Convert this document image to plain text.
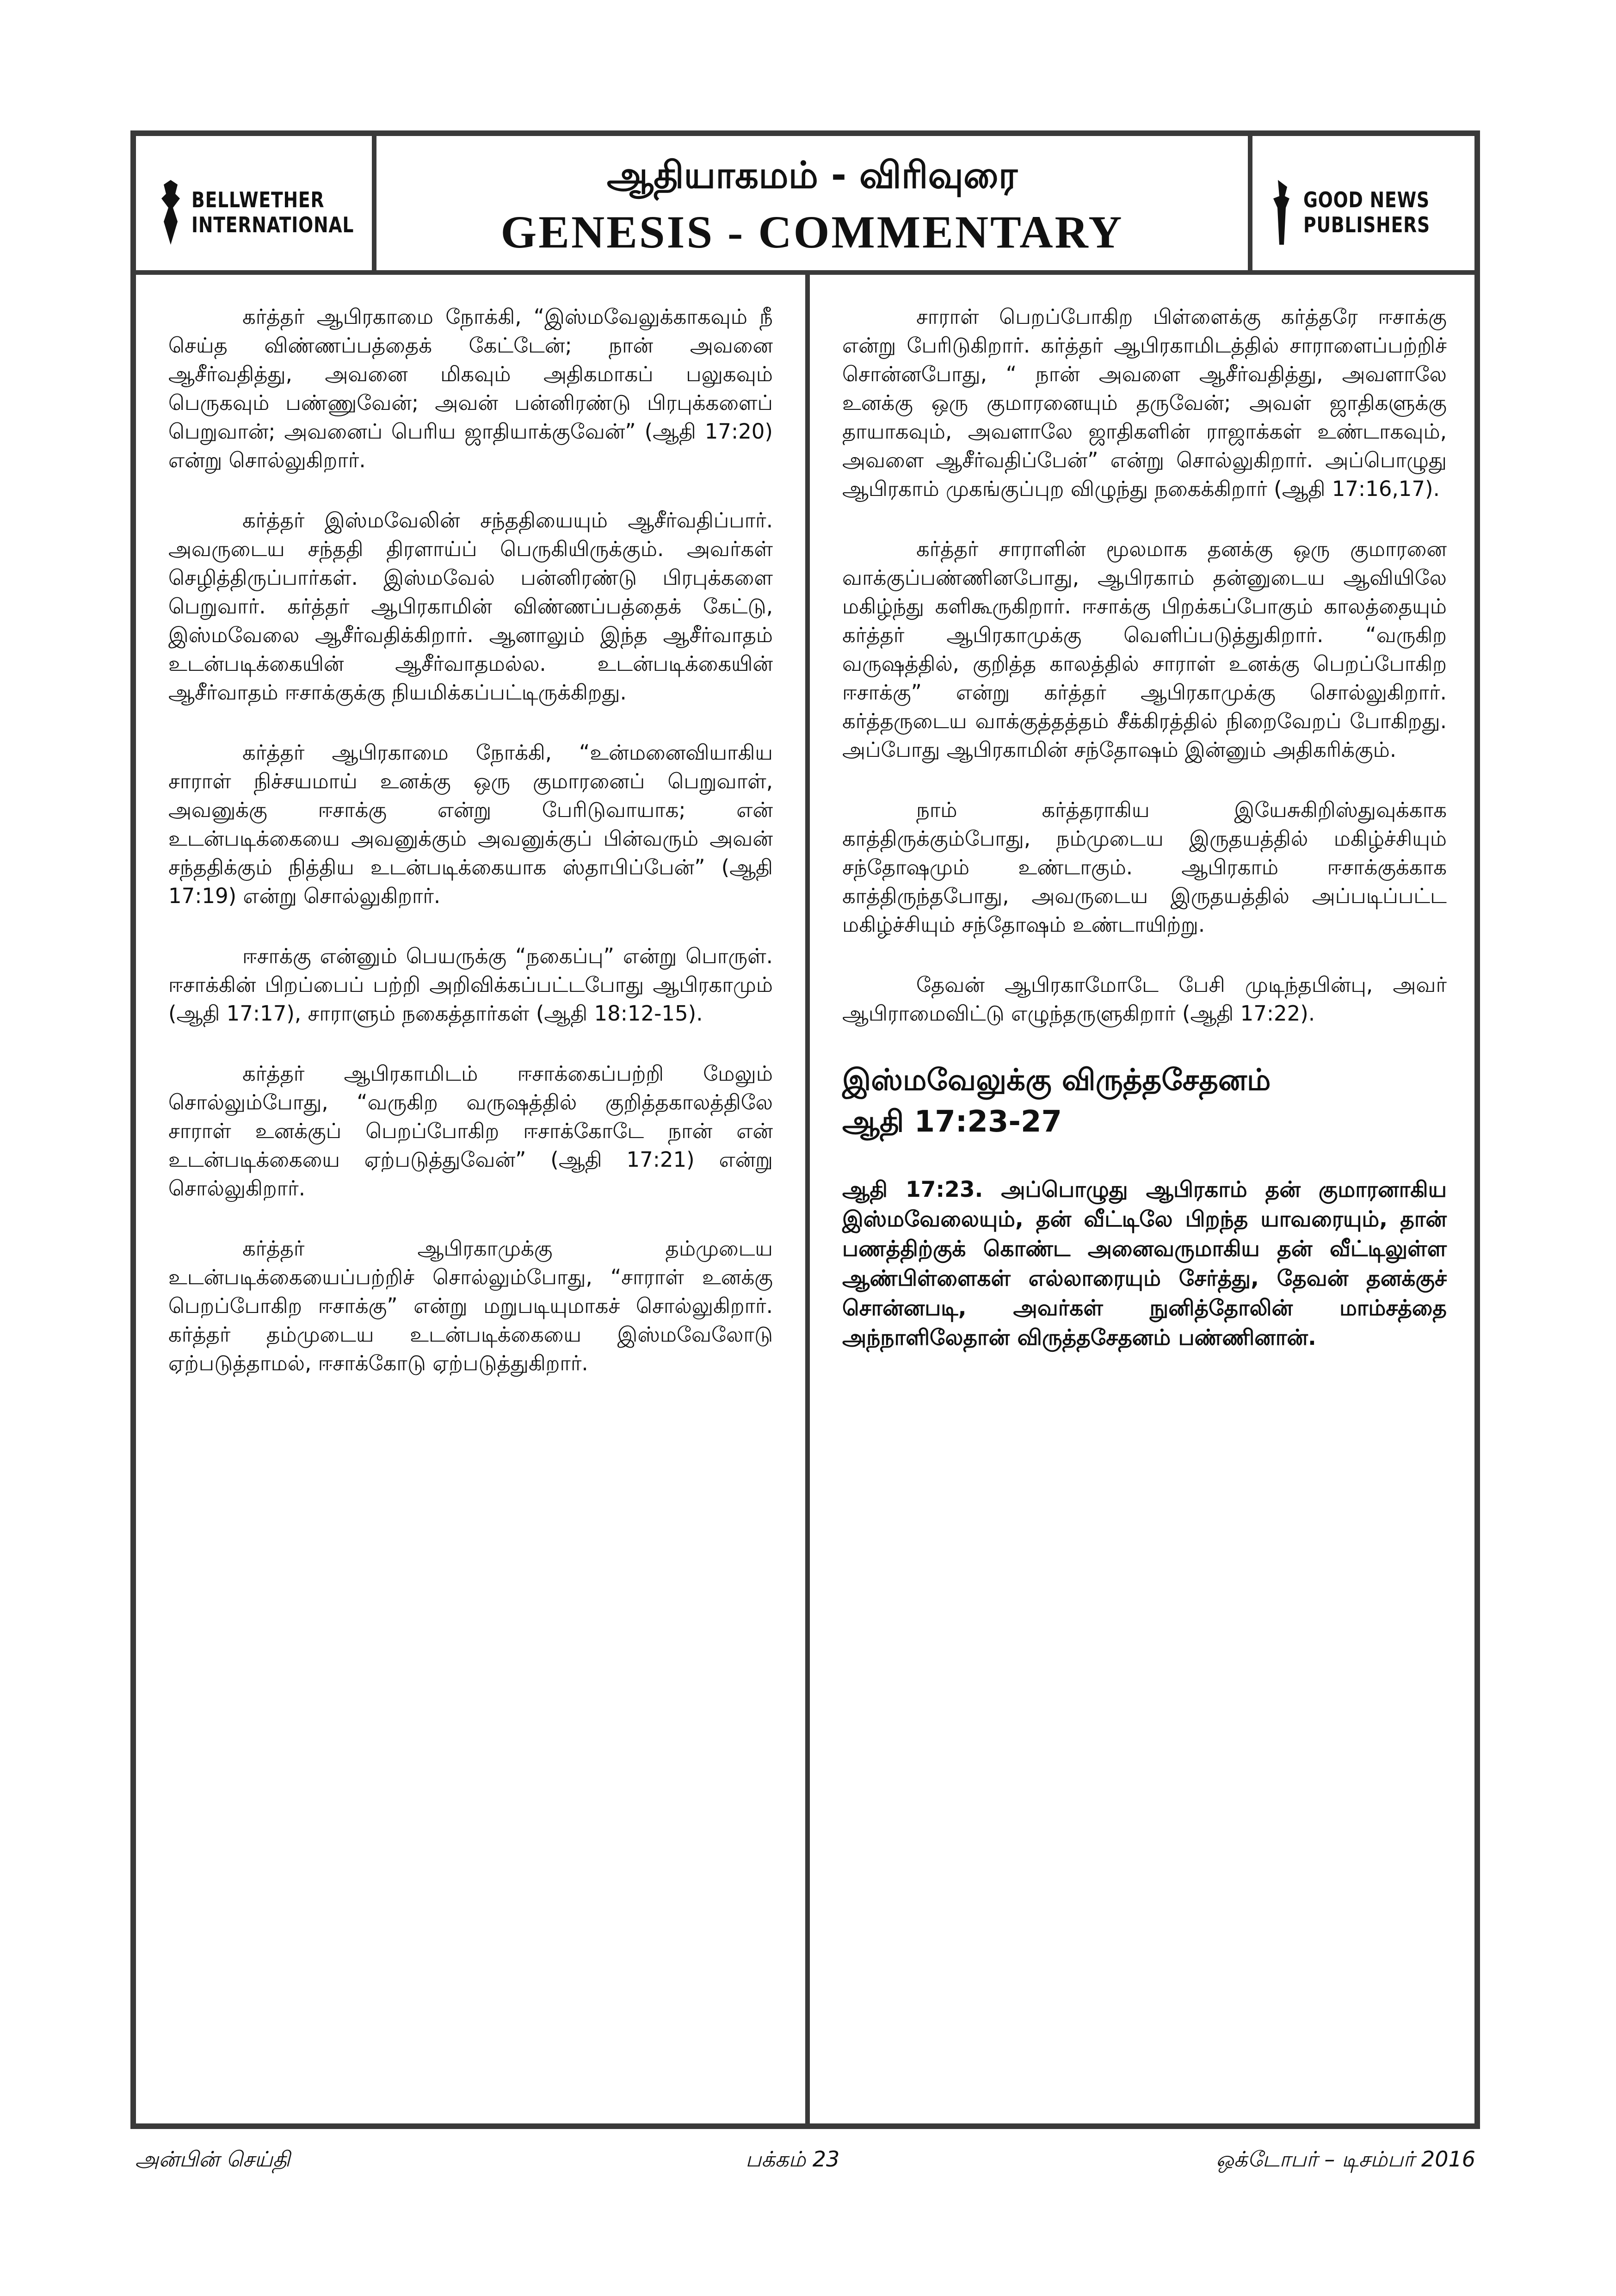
BELLWETHER
INTERNATIONAL
ஆதியாகமம் - விரிவுரை
GENESIS - COMMENTARY
GOOD NEWS
PUBLISHERS

கர்த்தர் ஆபிரகாமை நோக்கி, “இஸ்மவேலுக்காகவும் நீ செய்த விண்ணப்பத்தைக் கேட்டேன்; நான் அவனை ஆசீர்வதித்து, அவனை மிகவும் அதிகமாகப் பலுகவும் பெருகவும் பண்ணுவேன்; அவன் பன்னிரண்டு பிரபுக்களைப் பெறுவான்; அவனைப் பெரிய ஜாதியாக்குவேன்” (ஆதி 17:20) என்று சொல்லுகிறார்.

கர்த்தர் இஸ்மவேலின் சந்ததியையும் ஆசீர்வதிப்பார். அவருடைய சந்ததி திரளாய்ப் பெருகியிருக்கும். அவர்கள் செழித்திருப்பார்கள். இஸ்மவேல் பன்னிரண்டு பிரபுக்களை பெறுவார். கர்த்தர் ஆபிரகாமின் விண்ணப்பத்தைக் கேட்டு, இஸ்மவேலை ஆசீர்வதிக்கிறார். ஆனாலும் இந்த ஆசீர்வாதம் உடன்படிக்கையின் ஆசீர்வாதமல்ல. உடன்படிக்கையின் ஆசீர்வாதம் ஈசாக்குக்கு நியமிக்கப்பட்டிருக்கிறது.

கர்த்தர் ஆபிரகாமை நோக்கி, “உன்மனைவியாகிய சாராள் நிச்சயமாய் உனக்கு ஒரு குமாரனைப் பெறுவாள், அவனுக்கு ஈசாக்கு என்று பேரிடுவாயாக; என் உடன்படிக்கையை அவனுக்கும் அவனுக்குப் பின்வரும் அவன் சந்ததிக்கும் நித்திய உடன்படிக்கையாக ஸ்தாபிப்பேன்” (ஆதி 17:19) என்று சொல்லுகிறார்.

ஈசாக்கு என்னும் பெயருக்கு “நகைப்பு” என்று பொருள். ஈசாக்கின் பிறப்பைப் பற்றி அறிவிக்கப்பட்டபோது ஆபிரகாமும் (ஆதி 17:17), சாராளும் நகைத்தார்கள் (ஆதி 18:12-15).

கர்த்தர் ஆபிரகாமிடம் ஈசாக்கைப்பற்றி மேலும் சொல்லும்போது, “வருகிற வருஷத்தில் குறித்தகாலத்திலே சாராள் உனக்குப் பெறப்போகிற ஈசாக்கோடே நான் என் உடன்படிக்கையை ஏற்படுத்துவேன்” (ஆதி 17:21) என்று சொல்லுகிறார்.

கர்த்தர் ஆபிரகாமுக்கு தம்முடைய உடன்படிக்கையைப்பற்றிச் சொல்லும்போது, “சாராள் உனக்கு பெறப்போகிற ஈசாக்கு” என்று மறுபடியுமாகச் சொல்லுகிறார். கர்த்தர் தம்முடைய உடன்படிக்கையை இஸ்மவேலோடு ஏற்படுத்தாமல், ஈசாக்கோடு ஏற்படுத்துகிறார்.

சாராள் பெறப்போகிற பிள்ளைக்கு கர்த்தரே ஈசாக்கு என்று பேரிடுகிறார். கர்த்தர் ஆபிரகாமிடத்தில் சாராளைப்பற்றிச் சொன்னபோது, “ நான் அவளை ஆசீர்வதித்து, அவளாலே உனக்கு ஒரு குமாரனையும் தருவேன்; அவள் ஜாதிகளுக்கு தாயாகவும், அவளாலே ஜாதிகளின் ராஜாக்கள் உண்டாகவும், அவளை ஆசீர்வதிப்பேன்” என்று சொல்லுகிறார். அப்பொழுது ஆபிரகாம் முகங்குப்புற விழுந்து நகைக்கிறார் (ஆதி 17:16,17).

கர்த்தர் சாராளின் மூலமாக தனக்கு ஒரு குமாரனை வாக்குப்பண்ணினபோது, ஆபிரகாம் தன்னுடைய ஆவியிலே மகிழ்ந்து களிகூருகிறார். ஈசாக்கு பிறக்கப்போகும் காலத்தையும் கர்த்தர் ஆபிரகாமுக்கு வெளிப்படுத்துகிறார். “வருகிற வருஷத்தில், குறித்த காலத்தில் சாராள் உனக்கு பெறப்போகிற ஈசாக்கு” என்று கர்த்தர் ஆபிரகாமுக்கு சொல்லுகிறார். கர்த்தருடைய வாக்குத்தத்தம் சீக்கிரத்தில் நிறைவேறப் போகிறது. அப்போது ஆபிரகாமின் சந்தோஷம் இன்னும் அதிகரிக்கும்.

நாம் கர்த்தராகிய இயேசுகிறிஸ்துவுக்காக காத்திருக்கும்போது, நம்முடைய இருதயத்தில் மகிழ்ச்சியும் சந்தோஷமும் உண்டாகும். ஆபிரகாம் ஈசாக்குக்காக காத்திருந்தபோது, அவருடைய இருதயத்தில் அப்படிப்பட்ட மகிழ்ச்சியும் சந்தோஷம் உண்டாயிற்று.

தேவன் ஆபிரகாமோடே பேசி முடிந்தபின்பு, அவர் ஆபிராமைவிட்டு எழுந்தருளுகிறார் (ஆதி 17:22).

இஸ்மவேலுக்கு விருத்தசேதனம்
ஆதி 17:23-27

ஆதி 17:23. அப்பொழுது ஆபிரகாம் தன் குமாரனாகிய இஸ்மவேலையும், தன் வீட்டிலே பிறந்த யாவரையும், தான் பணத்திற்குக் கொண்ட அனைவருமாகிய தன் வீட்டிலுள்ள ஆண்பிள்ளைகள் எல்லாரையும் சேர்த்து, தேவன் தனக்குச் சொன்னபடி, அவர்கள் நுனித்தோலின் மாம்சத்தை அந்நாளிலேதான் விருத்தசேதனம் பண்ணினான்.

அன்பின் செய்தி	பக்கம் 23	ஒக்டோபர் – டிசம்பர் 2016
